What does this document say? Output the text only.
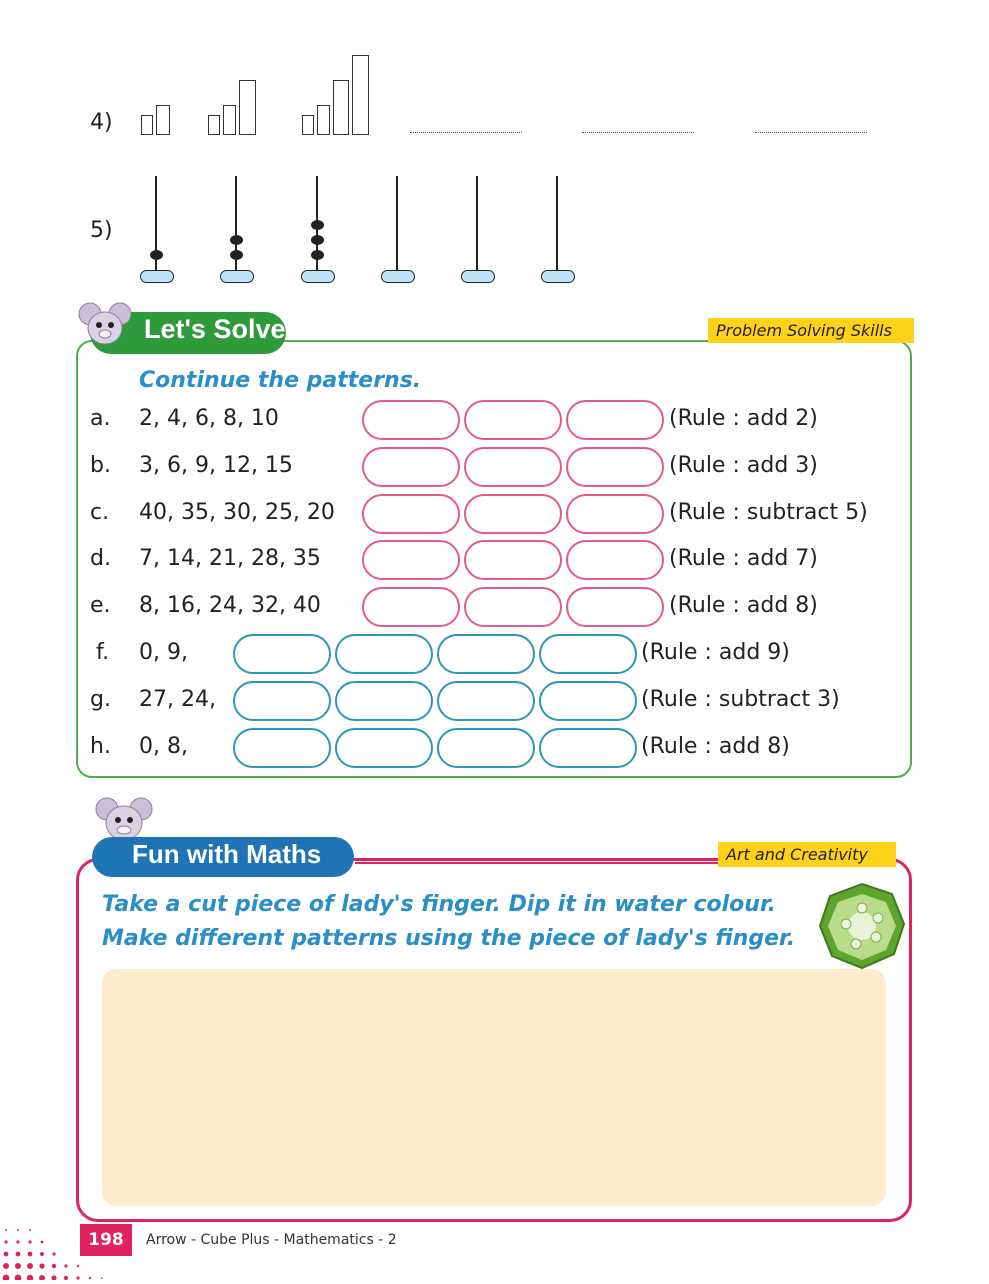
4)
5)
Let's Solve	Problem Solving Skills
Continue the patterns.
a. 2, 4, 6, 8, 10	(Rule : add 2)
b. 3, 6, 9, 12, 15	(Rule : add 3)
c. 40, 35, 30, 25, 20	(Rule : subtract 5)
d. 7, 14, 21, 28, 35	(Rule : add 7)
e. 8, 16, 24, 32, 40	(Rule : add 8)
f. 0, 9,	(Rule : add 9)
g. 27, 24,	(Rule : subtract 3)
h. 0, 8,	(Rule : add 8)
Fun with Maths	Art and Creativity
Take a cut piece of lady's finger. Dip it in water colour.
Make different patterns using the piece of lady's finger.
198	Arrow - Cube Plus - Mathematics - 2
